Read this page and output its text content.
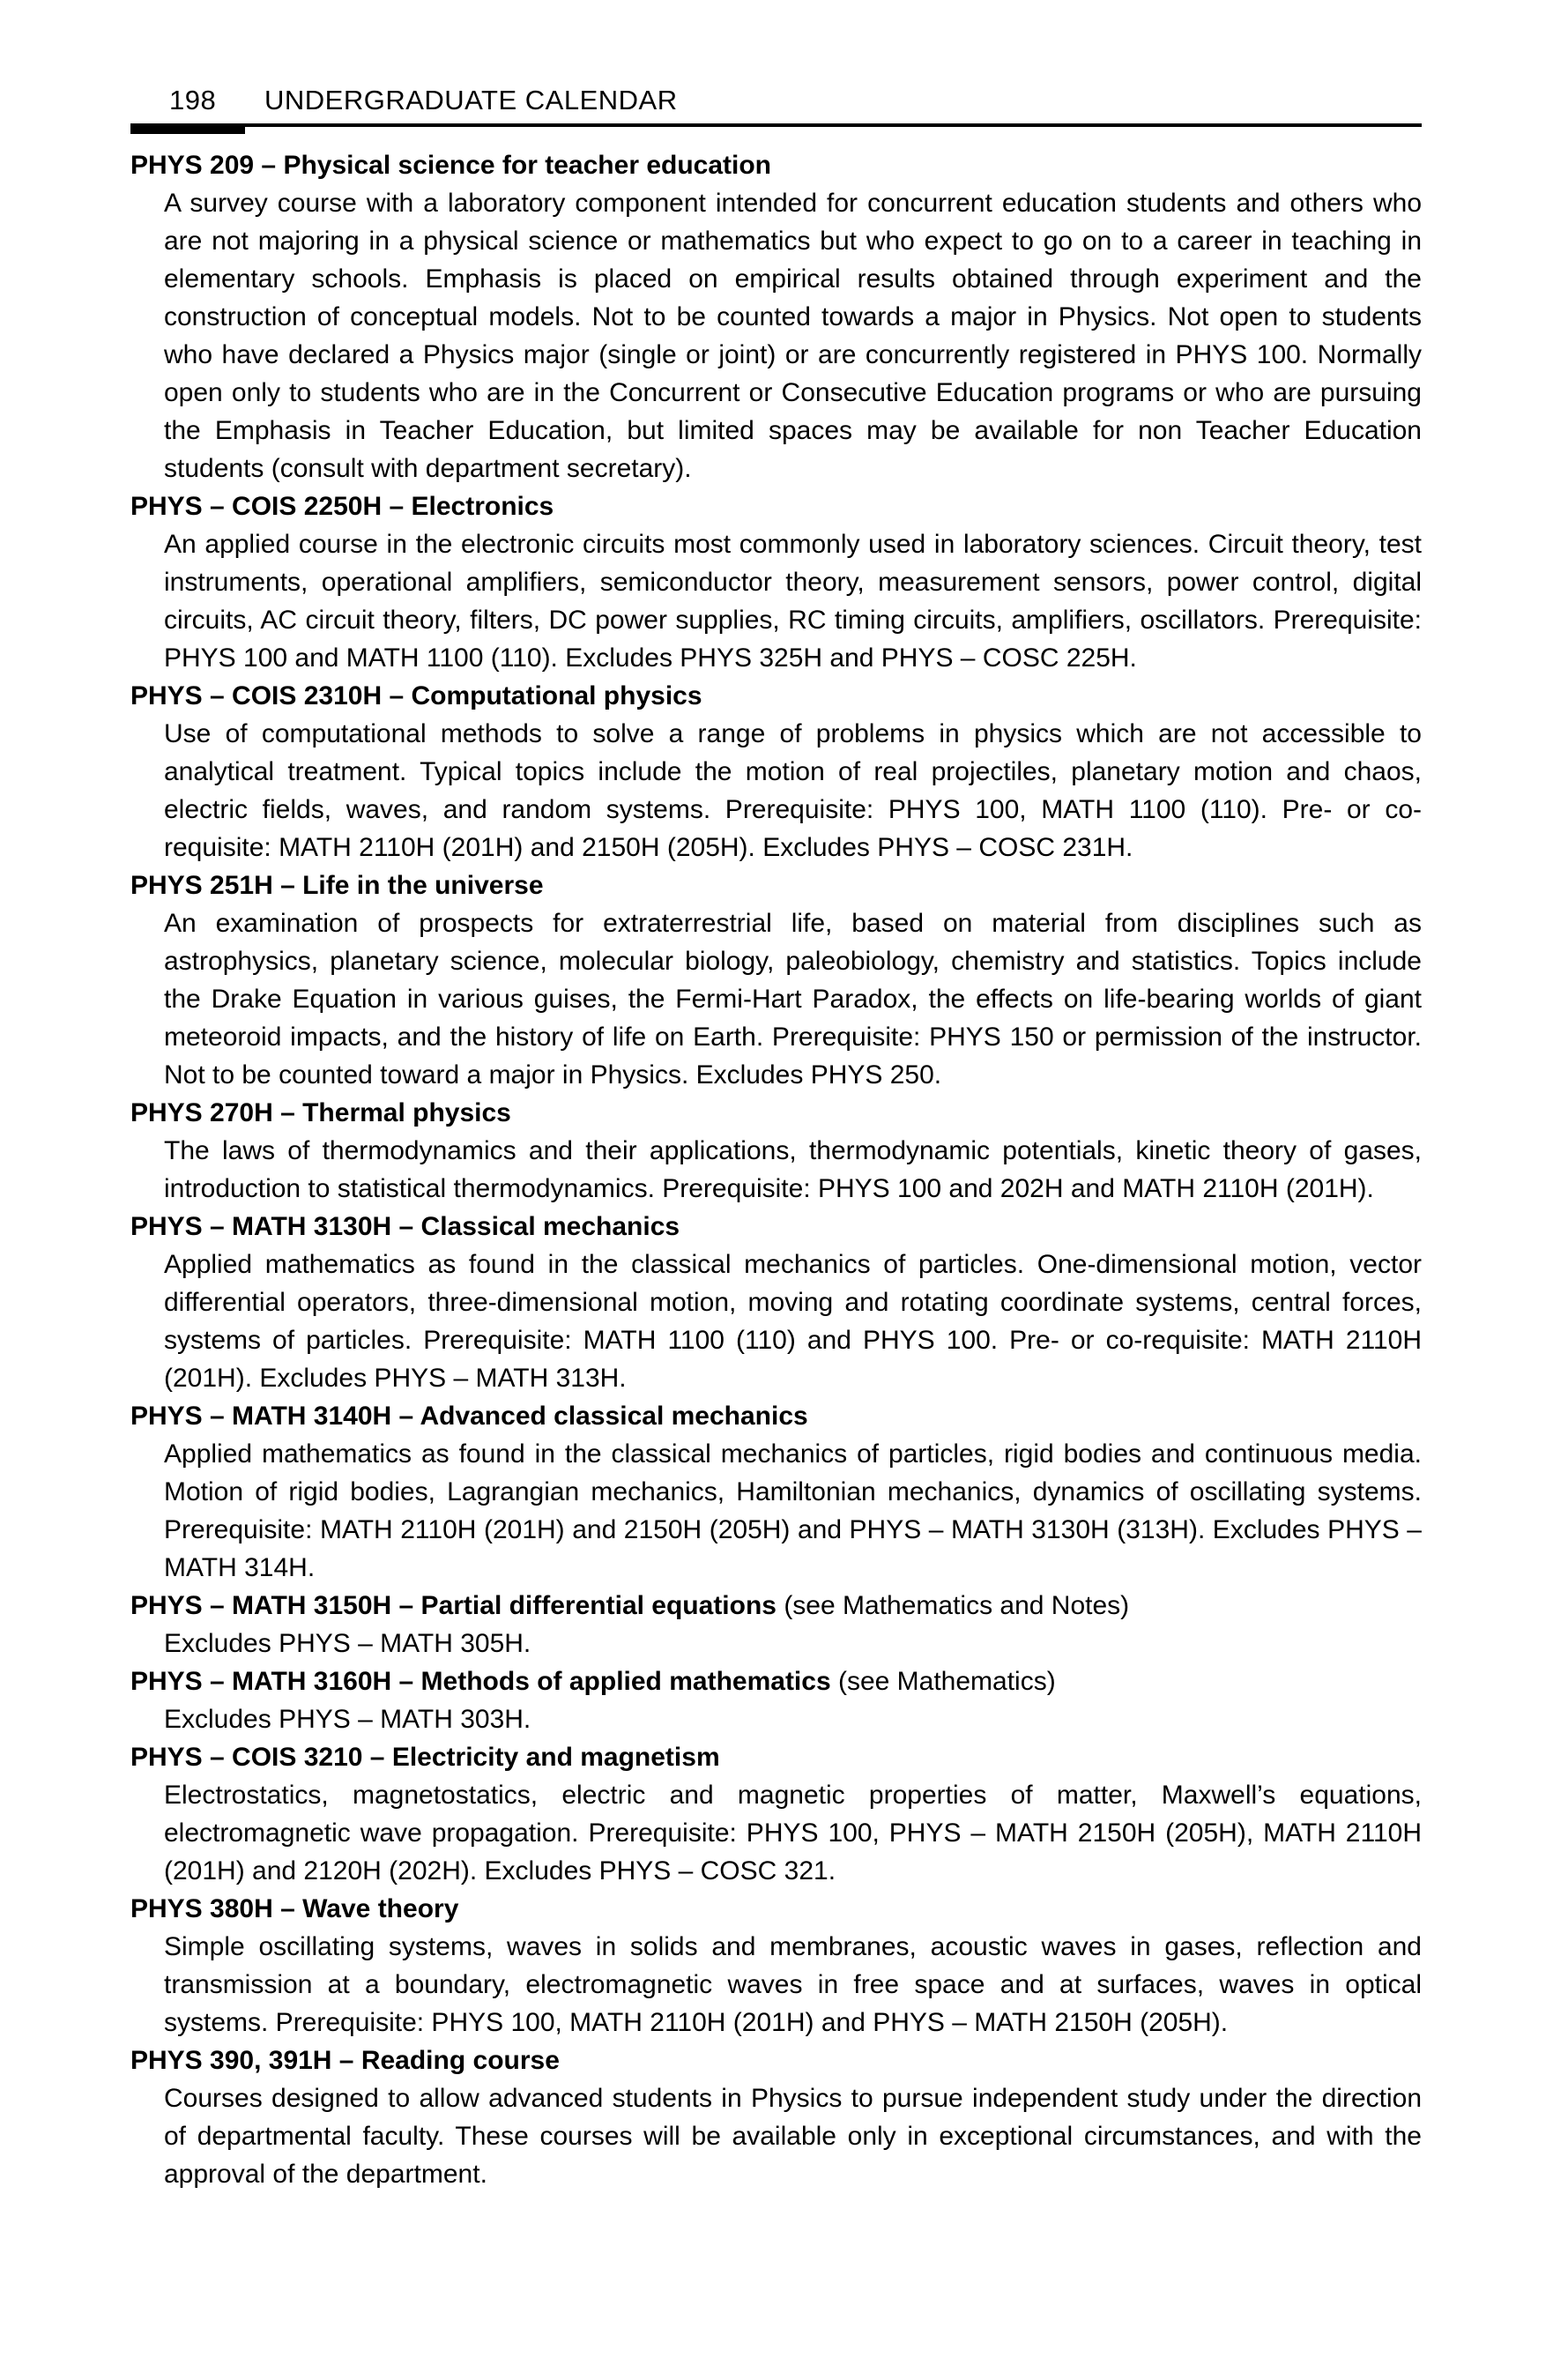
198 UNDERGRADUATE CALENDAR
PHYS 209 – Physical science for teacher education
A survey course with a laboratory component intended for concurrent education students and others who are not majoring in a physical science or mathematics but who expect to go on to a career in teaching in elementary schools. Emphasis is placed on empirical results obtained through experiment and the construction of conceptual models. Not to be counted towards a major in Physics. Not open to students who have declared a Physics major (single or joint) or are concurrently registered in PHYS 100. Normally open only to students who are in the Concurrent or Consecutive Education programs or who are pursuing the Emphasis in Teacher Education, but limited spaces may be available for non Teacher Education students (consult with department secretary).
PHYS – COIS 2250H – Electronics
An applied course in the electronic circuits most commonly used in laboratory sciences. Circuit theory, test instruments, operational amplifiers, semiconductor theory, measurement sensors, power control, digital circuits, AC circuit theory, filters, DC power supplies, RC timing circuits, amplifiers, oscillators. Prerequisite: PHYS 100 and MATH 1100 (110). Excludes PHYS 325H and PHYS – COSC 225H.
PHYS – COIS 2310H – Computational physics
Use of computational methods to solve a range of problems in physics which are not accessible to analytical treatment. Typical topics include the motion of real projectiles, planetary motion and chaos, electric fields, waves, and random systems. Prerequisite: PHYS 100, MATH 1100 (110). Pre- or co-requisite: MATH 2110H (201H) and 2150H (205H). Excludes PHYS – COSC 231H.
PHYS 251H – Life in the universe
An examination of prospects for extraterrestrial life, based on material from disciplines such as astrophysics, planetary science, molecular biology, paleobiology, chemistry and statistics. Topics include the Drake Equation in various guises, the Fermi-Hart Paradox, the effects on life-bearing worlds of giant meteoroid impacts, and the history of life on Earth. Prerequisite: PHYS 150 or permission of the instructor. Not to be counted toward a major in Physics. Excludes PHYS 250.
PHYS 270H – Thermal physics
The laws of thermodynamics and their applications, thermodynamic potentials, kinetic theory of gases, introduction to statistical thermodynamics. Prerequisite: PHYS 100 and 202H and MATH 2110H (201H).
PHYS – MATH 3130H – Classical mechanics
Applied mathematics as found in the classical mechanics of particles. One-dimensional motion, vector differential operators, three-dimensional motion, moving and rotating coordinate systems, central forces, systems of particles. Prerequisite: MATH 1100 (110) and PHYS 100. Pre- or co-requisite: MATH 2110H (201H). Excludes PHYS – MATH 313H.
PHYS – MATH 3140H – Advanced classical mechanics
Applied mathematics as found in the classical mechanics of particles, rigid bodies and continuous media. Motion of rigid bodies, Lagrangian mechanics, Hamiltonian mechanics, dynamics of oscillating systems. Prerequisite: MATH 2110H (201H) and 2150H (205H) and PHYS – MATH 3130H (313H). Excludes PHYS – MATH 314H.
PHYS – MATH 3150H – Partial differential equations (see Mathematics and Notes)
Excludes PHYS – MATH 305H.
PHYS – MATH 3160H – Methods of applied mathematics (see Mathematics)
Excludes PHYS – MATH 303H.
PHYS – COIS 3210 – Electricity and magnetism
Electrostatics, magnetostatics, electric and magnetic properties of matter, Maxwell’s equations, electromagnetic wave propagation. Prerequisite: PHYS 100, PHYS – MATH 2150H (205H), MATH 2110H (201H) and 2120H (202H). Excludes PHYS – COSC 321.
PHYS 380H – Wave theory
Simple oscillating systems, waves in solids and membranes, acoustic waves in gases, reflection and transmission at a boundary, electromagnetic waves in free space and at surfaces, waves in optical systems. Prerequisite: PHYS 100, MATH 2110H (201H) and PHYS – MATH 2150H (205H).
PHYS 390, 391H – Reading course
Courses designed to allow advanced students in Physics to pursue independent study under the direction of departmental faculty. These courses will be available only in exceptional circumstances, and with the approval of the department.
